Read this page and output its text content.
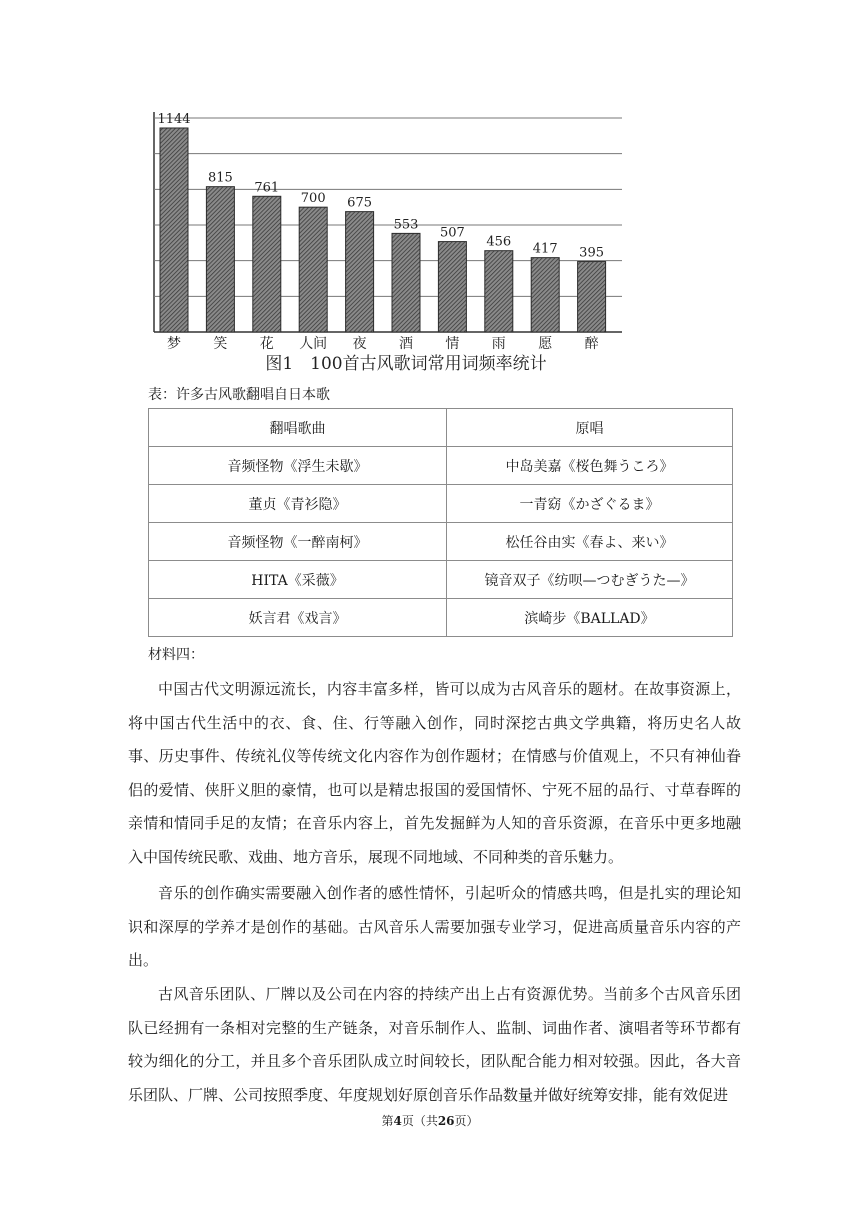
1144
815
761
700 675
553
507
456 417 395
梦 笑 花 人间 夜 酒 情 雨 愿 醉
图1　100首古风歌词常用词频率统计
表：许多古风歌翻唱自日本歌
翻唱歌曲	原唱
音频怪物《浮生未歇》	中岛美嘉《桜色舞うころ》
董贞《青衫隐》	一青窈《かざぐるま》
音频怪物《一醉南柯》	松任谷由实《春よ、来い》
HITA《采薇》	镜音双子《纺呗—つむぎうた—》
妖言君《戏言》	滨崎步《BALLAD》
材料四：

中国古代文明源远流长，内容丰富多样，皆可以成为古风音乐的题材。在故事资源上，将中国古代生活中的衣、食、住、行等融入创作，同时深挖古典文学典籍，将历史名人故事、历史事件、传统礼仪等传统文化内容作为创作题材；在情感与价值观上，不只有神仙眷侣的爱情、侠肝义胆的豪情，也可以是精忠报国的爱国情怀、宁死不屈的品行、寸草春晖的亲情和情同手足的友情；在音乐内容上，首先发掘鲜为人知的音乐资源，在音乐中更多地融入中国传统民歌、戏曲、地方音乐，展现不同地域、不同种类的音乐魅力。

音乐的创作确实需要融入创作者的感性情怀，引起听众的情感共鸣，但是扎实的理论知识和深厚的学养才是创作的基础。古风音乐人需要加强专业学习，促进高质量音乐内容的产出。

古风音乐团队、厂牌以及公司在内容的持续产出上占有资源优势。当前多个古风音乐团队已经拥有一条相对完整的生产链条，对音乐制作人、监制、词曲作者、演唱者等环节都有较为细化的分工，并且多个音乐团队成立时间较长，团队配合能力相对较强。因此，各大音乐团队、厂牌、公司按照季度、年度规划好原创音乐作品数量并做好统筹安排，能有效促进

第4页（共26页）
